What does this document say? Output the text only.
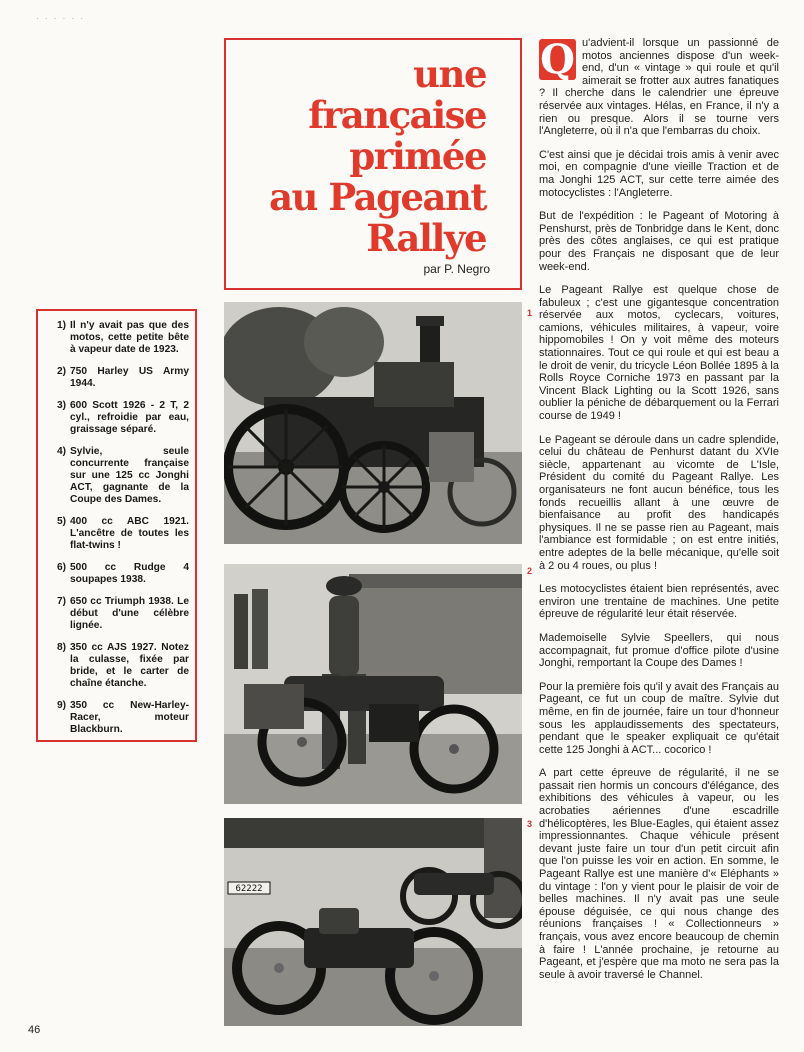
· · · · · ·
une française
primée
au Pageant
Rallye
par P. Negro
1) Il n'y avait pas que des motos, cette petite bête à vapeur date de 1923.
2) 750 Harley US Army 1944.
3) 600 Scott 1926 - 2 T, 2 cyl., refroidie par eau, graissage séparé.
4) Sylvie, seule concurrente française sur une 125 cc Jonghi ACT, gagnante de la Coupe des Dames.
5) 400 cc ABC 1921. L'ancêtre de toutes les flat-twins !
6) 500 cc Rudge 4 soupapes 1938.
7) 650 cc Triumph 1938. Le début d'une célèbre lignée.
8) 350 cc AJS 1927. Notez la culasse, fixée par bride, et le carter de chaîne étanche.
9) 350 cc New-Harley-Racer, moteur Blackburn.
1
2
62222
3

Q u'advient-il lorsque un passionné de motos anciennes dispose d'un week-end, d'un « vintage » qui roule et qu'il aimerait se frotter aux autres fanatiques ? Il cherche dans le calendrier une épreuve réservée aux vintages. Hélas, en France, il n'y a rien ou presque. Alors il se tourne vers l'Angleterre, où il n'a que l'embarras du choix.

C'est ainsi que je décidai trois amis à venir avec moi, en compagnie d'une vieille Traction et de ma Jonghi 125 ACT, sur cette terre aimée des motocyclistes : l'Angleterre.

But de l'expédition : le Pageant of Motoring à Penshurst, près de Tonbridge dans le Kent, donc près des côtes anglaises, ce qui est pratique pour des Français ne disposant que de leur week-end.

Le Pageant Rallye est quelque chose de fabuleux ; c'est une gigantesque concentration réservée aux motos, cyclecars, voitures, camions, véhicules militaires, à vapeur, voire hippomobiles ! On y voit même des moteurs stationnaires. Tout ce qui roule et qui est beau a le droit de venir, du tricycle Léon Bollée 1895 à la Rolls Royce Corniche 1973 en passant par la Vincent Black Lighting ou la Scott 1926, sans oublier la péniche de débarquement ou la Ferrari course de 1949 !

Le Pageant se déroule dans un cadre splendide, celui du château de Penhurst datant du XVIe siècle, appartenant au vicomte de L'Isle, Président du comité du Pageant Rallye. Les organisateurs ne font aucun bénéfice, tous les fonds recueillis allant à une œuvre de bienfaisance au profit des handicapés physiques. Il ne se passe rien au Pageant, mais l'ambiance est formidable ; on est entre initiés, entre adeptes de la belle mécanique, qu'elle soit à 2 ou 4 roues, ou plus !

Les motocyclistes étaient bien représentés, avec environ une trentaine de machines. Une petite épreuve de régularité leur était réservée.

Mademoiselle Sylvie Speellers, qui nous accompagnait, fut promue d'office pilote d'usine Jonghi, remportant la Coupe des Dames !

Pour la première fois qu'il y avait des Français au Pageant, ce fut un coup de maître. Sylvie dut même, en fin de journée, faire un tour d'honneur sous les applaudissements des spectateurs, pendant que le speaker expliquait ce qu'était cette 125 Jonghi à ACT... cocorico !

A part cette épreuve de régularité, il ne se passait rien hormis un concours d'élégance, des exhibitions des véhicules à vapeur, ou les acrobaties aériennes d'une escadrille d'hélicoptères, les Blue-Eagles, qui étaient assez impressionnantes. Chaque véhicule présent devant juste faire un tour d'un petit circuit afin que l'on puisse les voir en action. En somme, le Pageant Rallye est une manière d'« Eléphants » du vintage : l'on y vient pour le plaisir de voir de belles machines. Il n'y avait pas une seule épouse déguisée, ce qui nous change des réunions françaises ! « Collectionneurs » français, vous avez encore beaucoup de chemin à faire ! L'année prochaine, je retourne au Pageant, et j'espère que ma moto ne sera pas la seule à avoir traversé le Channel.

46
